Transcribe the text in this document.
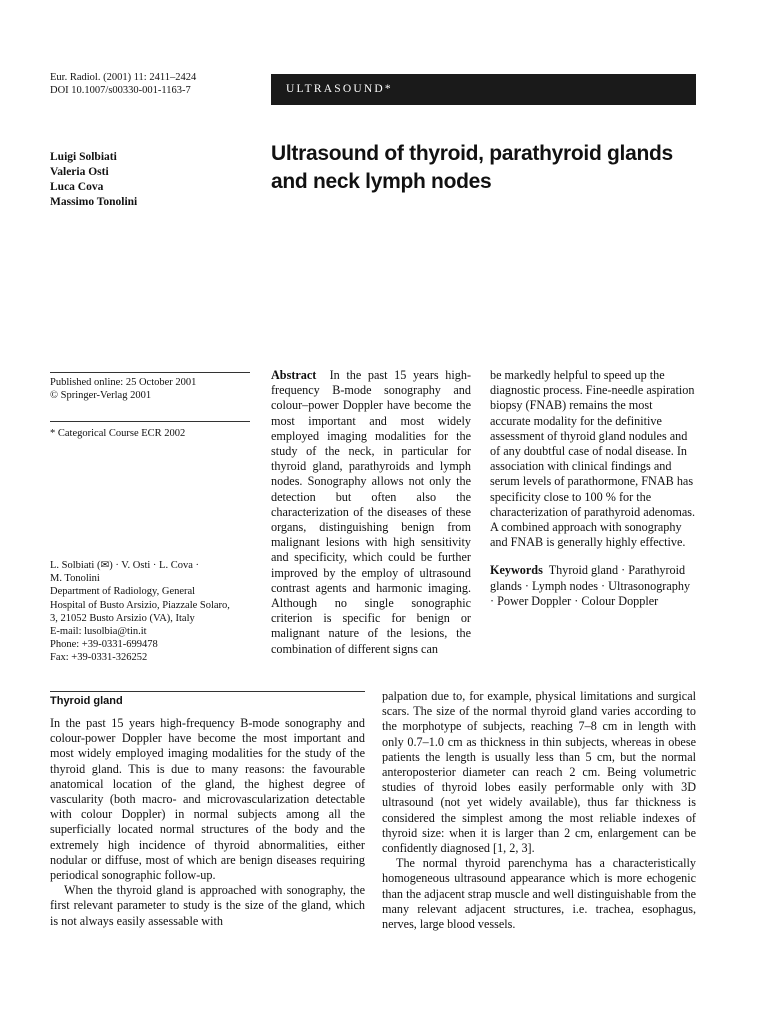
Eur. Radiol. (2001) 11: 2411–2424
DOI 10.1007/s00330-001-1163-7	ULTRASOUND*
Luigi Solbiati
Valeria Osti
Luca Cova
Massimo Tonolini
Ultrasound of thyroid, parathyroid glands and neck lymph nodes
Published online: 25 October 2001
© Springer-Verlag 2001
* Categorical Course ECR 2002
L. Solbiati (✉) · V. Osti · L. Cova ·
M. Tonolini
Department of Radiology, General
Hospital of Busto Arsizio, Piazzale Solaro,
3, 21052 Busto Arsizio (VA), Italy
E-mail: lusolbia@tin.it
Phone: +39-0331-699478
Fax: +39-0331-326252

Abstract In the past 15 years high-frequency B-mode sonography and colour–power Doppler have become the most important and most widely employed imaging modalities for the study of the neck, in particular for thyroid gland, parathyroids and lymph nodes. Sonography allows not only the detection but often also the characterization of the diseases of these organs, distinguishing benign from malignant lesions with high sensitivity and specificity, which could be further improved by the employ of ultrasound contrast agents and harmonic imaging. Although no single sonographic criterion is specific for benign or malignant nature of the lesions, the combination of different signs can

be markedly helpful to speed up the diagnostic process. Fine-needle aspiration biopsy (FNAB) remains the most accurate modality for the definitive assessment of thyroid gland nodules and of any doubtful case of nodal disease. In association with clinical findings and serum levels of parathormone, FNAB has specificity close to 100 % for the characterization of parathyroid adenomas. A combined approach with sonography and FNAB is generally highly effective.

Keywords Thyroid gland · Parathyroid glands · Lymph nodes · Ultrasonography · Power Doppler · Colour Doppler

Thyroid gland

In the past 15 years high-frequency B-mode sonography and colour-power Doppler have become the most important and most widely employed imaging modalities for the study of the thyroid gland. This is due to many reasons: the favourable anatomical location of the gland, the highest degree of vascularity (both macro- and microvascularization detectable with colour Doppler) in normal subjects among all the superficially located normal structures of the body and the extremely high incidence of thyroid abnormalities, either nodular or diffuse, most of which are benign diseases requiring periodical sonographic follow-up.

When the thyroid gland is approached with sonography, the first relevant parameter to study is the size of the gland, which is not always easily assessable with

palpation due to, for example, physical limitations and surgical scars. The size of the normal thyroid gland varies according to the morphotype of subjects, reaching 7–8 cm in length with only 0.7–1.0 cm as thickness in thin subjects, whereas in obese patients the length is usually less than 5 cm, but the normal anteroposterior diameter can reach 2 cm. Being volumetric studies of thyroid lobes easily performable only with 3D ultrasound (not yet widely available), thus far thickness is considered the simplest among the most reliable indexes of thyroid size: when it is larger than 2 cm, enlargement can be confidently diagnosed [1, 2, 3].

The normal thyroid parenchyma has a characteristically homogeneous ultrasound appearance which is more echogenic than the adjacent strap muscle and well distinguishable from the many relevant adjacent structures, i.e. trachea, esophagus, nerves, large blood vessels.
